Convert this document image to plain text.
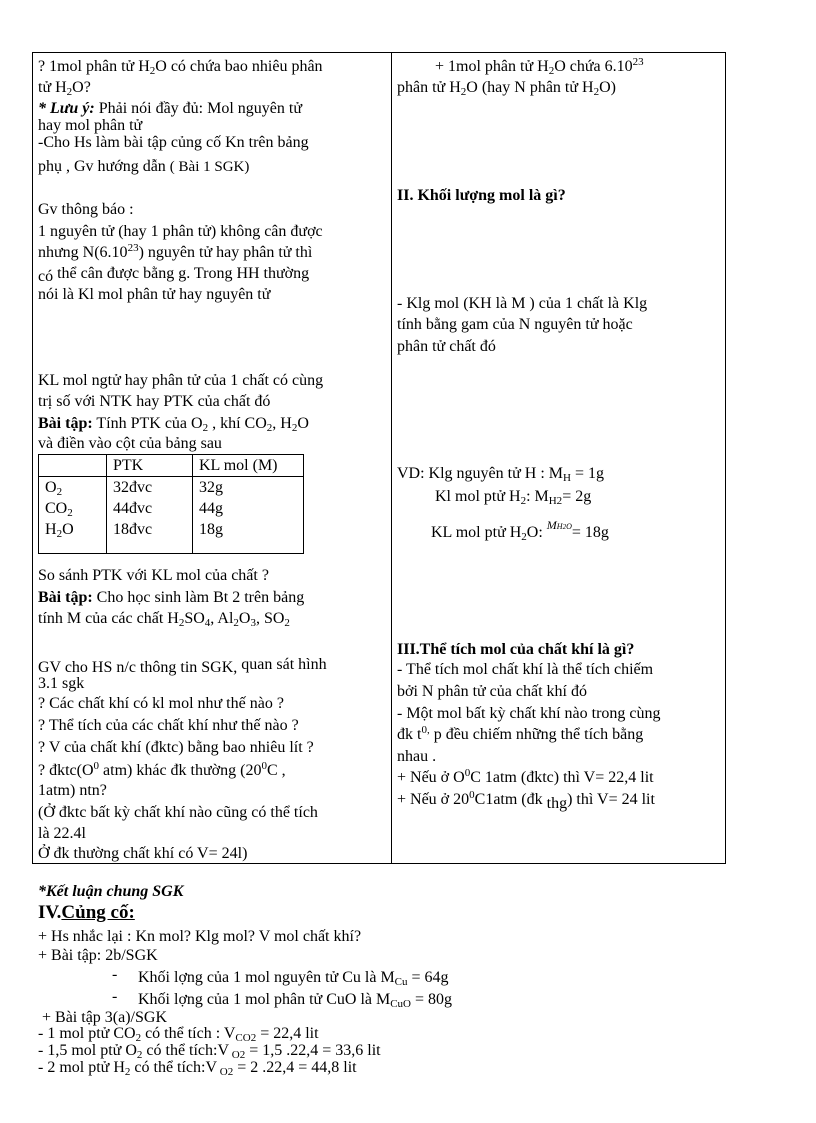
? 1mol phân tử $H_2O$ có chứa bao nhiêu phân
tử $H_2O$?
* Lưu ý: Phải nói đầy đủ: Mol nguyên tử
hay mol phân tử
-Cho Hs làm bài tập củng cố Kn trên bảng
phụ , Gv hướng dẫn ( Bài 1 SGK)
Gv thông báo :
1 nguyên tử (hay 1 phân tử) không cân được
nhưng N(6.10$^{23}$) nguyên tử hay phân tử thì
có thể cân được bằng g. Trong HH thường
nói là Kl mol phân tử hay nguyên tử
KL mol ngtử hay phân tử của 1 chất có cùng
trị số với NTK hay PTK của chất đó
Bài tập: Tính PTK của $O_2$ , khí $CO_2$, $H_2O$
và điền vào cột của bảng sau
	PTK	KL mol (M)
$O_2$	32đvc	32g
$CO_2$	44đvc	44g
$H_2O$	18đvc	18g
So sánh PTK với KL mol của chất ?
Bài tập: Cho học sinh làm Bt 2 trên bảng
tính M của các chất $H_2SO_4$, $Al_2O_3$, $SO_2$
GV cho HS n/c thông tin SGK, quan sát hình
3.1 sgk
? Các chất khí có kl mol như thế nào ?
? Thể tích của các chất khí như thế nào ?
? V của chất khí (đktc) bằng bao nhiêu lít ?
? $đktc(O^0$ atm) khác đk thường ($20^0C$ ,
1atm) ntn?
(Ở đktc bất kỳ chất khí nào cũng có thể tích
là 22.4l
Ở đk thường chất khí có V= 24l)
+ 1mol phân tử $H_2O$ chứa 6.10$^{23}$
phân tử $H_2O$ (hay N phân tử $H_2O$)
II. Khối lượng mol là gì?
- Klg mol (KH là M ) của 1 chất là Klg
tính bằng gam của N nguyên tử hoặc
phân tử chất đó
VD: Klg nguyên tử H : $M_H = 1g$
Kl mol ptử $H_2$: $M_{H2}= 2g$
KL mol ptử $H_2O$: $^{MH2O}$= 18g
III.Thể tích mol của chất khí là gì?
- Thể tích mol chất khí là thể tích chiếm
bởi N phân tử của chất khí đó
- Một mol bất kỳ chất khí nào trong cùng
đk $t^{0,}$ p đều chiếm những thể tích bằng
nhau .
+ Nếu ở $O^0C$ 1atm (đktc) thì V= 22,4 lit
+ Nếu ở $20^0C1atm$ (đk thg) thì V= 24 lit
*Kết luận chung SGK
IV.Củng cố:
+ Hs nhắc lại : Kn mol? Klg mol? V mol chất khí?
+ Bài tập: 2b/SGK
- Khối lợng của 1 mol nguyên tử Cu là $M_{Cu} = 64g$
- Khối lợng của 1 mol phân tử CuO là $M_{CuO} = 80g$
+ Bài tập 3(a)/SGK
- 1 mol ptử $CO_2$ có thể tích : $V_{CO2} = 22,4$ lit
- 1,5 mol ptử $O_2$ có thể tích:V $_{O2}$ = 1,5 .22,4 = 33,6 lit
- 2 mol ptử $H_2$ có thể tích:V $_{O2}$ = 2 .22,4 = 44,8 lit
